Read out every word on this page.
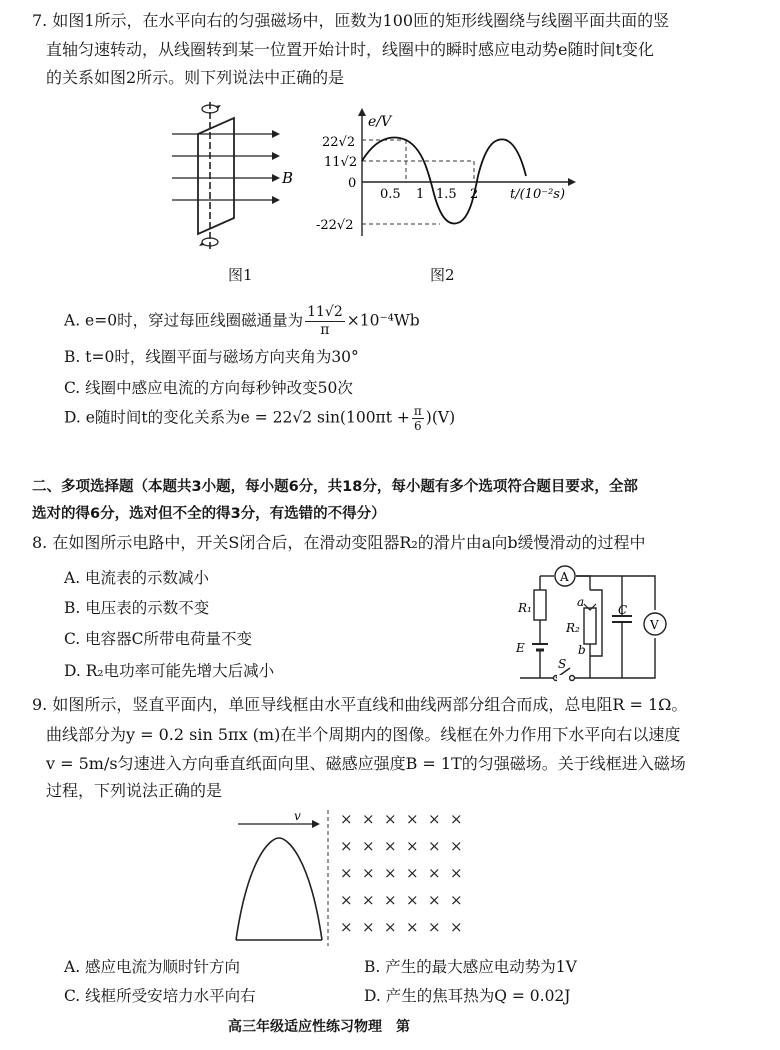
7. 如图1所示，在水平向右的匀强磁场中，匝数为100匝的矩形线圈绕与线圈平面共面的竖
直轴匀速转动，从线圈转到某一位置开始计时，线圈中的瞬时感应电动势e随时间t变化
的关系如图2所示。则下列说法中正确的是
B
图1
e/V
t/(10⁻²s)
22√2
11√2
0
-22√2
0.5 1 1.5 2
图2
A. e=0时，穿过每匝线圈磁通量为 $\frac{11√2}{\pi} \times 10^{-4}Wb$
B. t=0时，线圈平面与磁场方向夹角为30°
C. 线圈中感应电流的方向每秒钟改变50次
D. e随时间t的变化关系为e = 22√2 $\sin(100\pi t + \frac{\pi}{6} )(V)$
二、多项选择题（本题共3小题，每小题6分，共18分，每小题有多个选项符合题目要求，全部
选对的得6分，选对但不全的得3分，有选错的不得分）
8. 在如图所示电路中，开关S闭合后，在滑动变阻器R₂的滑片由a向b缓慢滑动的过程中
A. 电流表的示数减小
B. 电压表的示数不变
C. 电容器C所带电荷量不变
D. R₂电功率可能先增大后减小
A
V
R₁
R₂
C
E
S
a
b
9. 如图所示，竖直平面内，单匝导线框由水平直线和曲线两部分组合而成，总电阻R = 1Ω。
曲线部分为y = 0.2 sin 5πx (m)在半个周期内的图像。线框在外力作用下水平向右以速度
v = 5m/s匀速进入方向垂直纸面向里、磁感应强度B = 1T的匀强磁场。关于线框进入磁场
过程，下列说法正确的是
v	× × × × × ×
× × × × × ×
× × × × × ×
× × × × × ×
× × × × × ×
A. 感应电流为顺时针方向	B. 产生的最大感应电动势为1V
C. 线框所受安培力水平向右	D. 产生的焦耳热为Q = 0.02J
高三年级适应性练习物理　第
